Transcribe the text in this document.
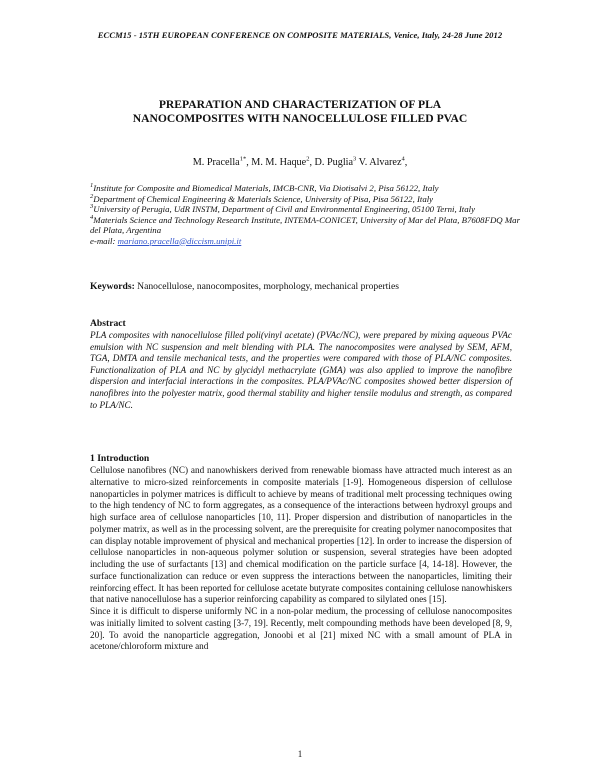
ECCM15 - 15TH EUROPEAN CONFERENCE ON COMPOSITE MATERIALS, Venice, Italy, 24-28 June 2012
PREPARATION AND CHARACTERIZATION OF PLA
NANOCOMPOSITES WITH NANOCELLULOSE FILLED PVAC
M. Pracella$^{1*}$, M. M. Haque$^2$, D. Puglia$^3$ V. Alvarez$^4$,
$^1$Institute for Composite and Biomedical Materials, IMCB-CNR, Via Diotisalvi 2, Pisa 56122, Italy
$^2$Department of Chemical Engineering & Materials Science, University of Pisa, Pisa 56122, Italy
$^3$University of Perugia, UdR INSTM, Department of Civil and Environmental Engineering, 05100 Terni, Italy
$^4$Materials Science and Technology Research Institute, INTEMA-CONICET, University of Mar del Plata, B7608FDQ Mar del Plata, Argentina
e-mail: mariano.pracella@diccism.unipi.it
Keywords: Nanocellulose, nanocomposites, morphology, mechanical properties
Abstract
PLA composites with nanocellulose filled poli(vinyl acetate) (PVAc/NC), were prepared by mixing aqueous PVAc emulsion with NC suspension and melt blending with PLA. The nanocomposites were analysed by SEM, AFM, TGA, DMTA and tensile mechanical tests, and the properties were compared with those of PLA/NC composites. Functionalization of PLA and NC by glycidyl methacrylate (GMA) was also applied to improve the nanofibre dispersion and interfacial interactions in the composites. PLA/PVAc/NC composites showed better dispersion of nanofibres into the polyester matrix, good thermal stability and higher tensile modulus and strength, as compared to PLA/NC.
1 Introduction

Cellulose nanofibres (NC) and nanowhiskers derived from renewable biomass have attracted much interest as an alternative to micro-sized reinforcements in composite materials [1-9]. Homogeneous dispersion of cellulose nanoparticles in polymer matrices is difficult to achieve by means of traditional melt processing techniques owing to the high tendency of NC to form aggregates, as a consequence of the interactions between hydroxyl groups and high surface area of cellulose nanoparticles [10, 11]. Proper dispersion and distribution of nanoparticles in the polymer matrix, as well as in the processing solvent, are the prerequisite for creating polymer nanocomposites that can display notable improvement of physical and mechanical properties [12]. In order to increase the dispersion of cellulose nanoparticles in non-aqueous polymer solution or suspension, several strategies have been adopted including the use of surfactants [13] and chemical modification on the particle surface [4, 14-18]. However, the surface functionalization can reduce or even suppress the interactions between the nanoparticles, limiting their reinforcing effect. It has been reported for cellulose acetate butyrate composites containing cellulose nanowhiskers that native nanocellulose has a superior reinforcing capability as compared to silylated ones [15].

Since it is difficult to disperse uniformly NC in a non-polar medium, the processing of cellulose nanocomposites was initially limited to solvent casting [3-7, 19]. Recently, melt compounding methods have been developed [8, 9, 20]. To avoid the nanoparticle aggregation, Jonoobi et al [21] mixed NC with a small amount of PLA in acetone/chloroform mixture and

1
